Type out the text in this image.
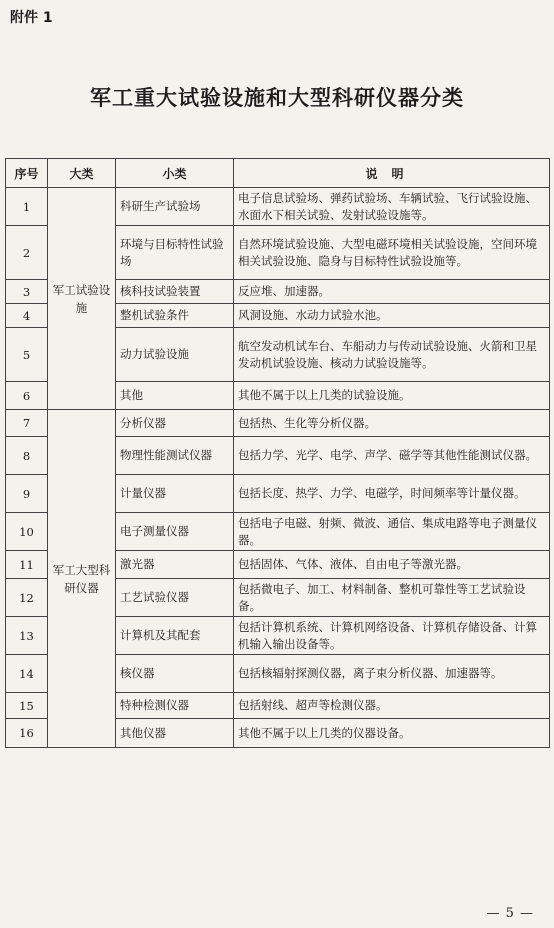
附件 1
军工重大试验设施和大型科研仪器分类
序号	大类	小类	说明
1	军工试验设施	科研生产试验场	电子信息试验场、弹药试验场、车辆试验、飞行试验设施、水面水下相关试验、发射试验设施等。
2		环境与目标特性试验场	自然环境试验设施、大型电磁环境相关试验设施，空间环境相关试验设施、隐身与目标特性试验设施等。
3		核科技试验装置	反应堆、加速器。
4		整机试验条件	风洞设施、水动力试验水池。
5		动力试验设施	航空发动机试车台、车船动力与传动试验设施、火箭和卫星发动机试验设施、核动力试验设施等。
6		其他	其他不属于以上几类的试验设施。
7	军工大型科研仪器	分析仪器	包括热、生化等分析仪器。
8		物理性能测试仪器	包括力学、光学、电学、声学、磁学等其他性能测试仪器。
9		计量仪器	包括长度、热学、力学、电磁学，时间频率等计量仪器。
10		电子测量仪器	包括电子电磁、射频、微波、通信、集成电路等电子测量仪器。
11		激光器	包括固体、气体、液体、自由电子等激光器。
12		工艺试验仪器	包括微电子、加工、材料制备、整机可靠性等工艺试验设备。
13		计算机及其配套	包括计算机系统、计算机网络设备、计算机存储设备、计算机输入输出设备等。
14		核仪器	包括核辐射探测仪器，离子束分析仪器、加速器等。
15		特种检测仪器	包括射线、超声等检测仪器。
16		其他仪器	其他不属于以上几类的仪器设备。
— 5 —
